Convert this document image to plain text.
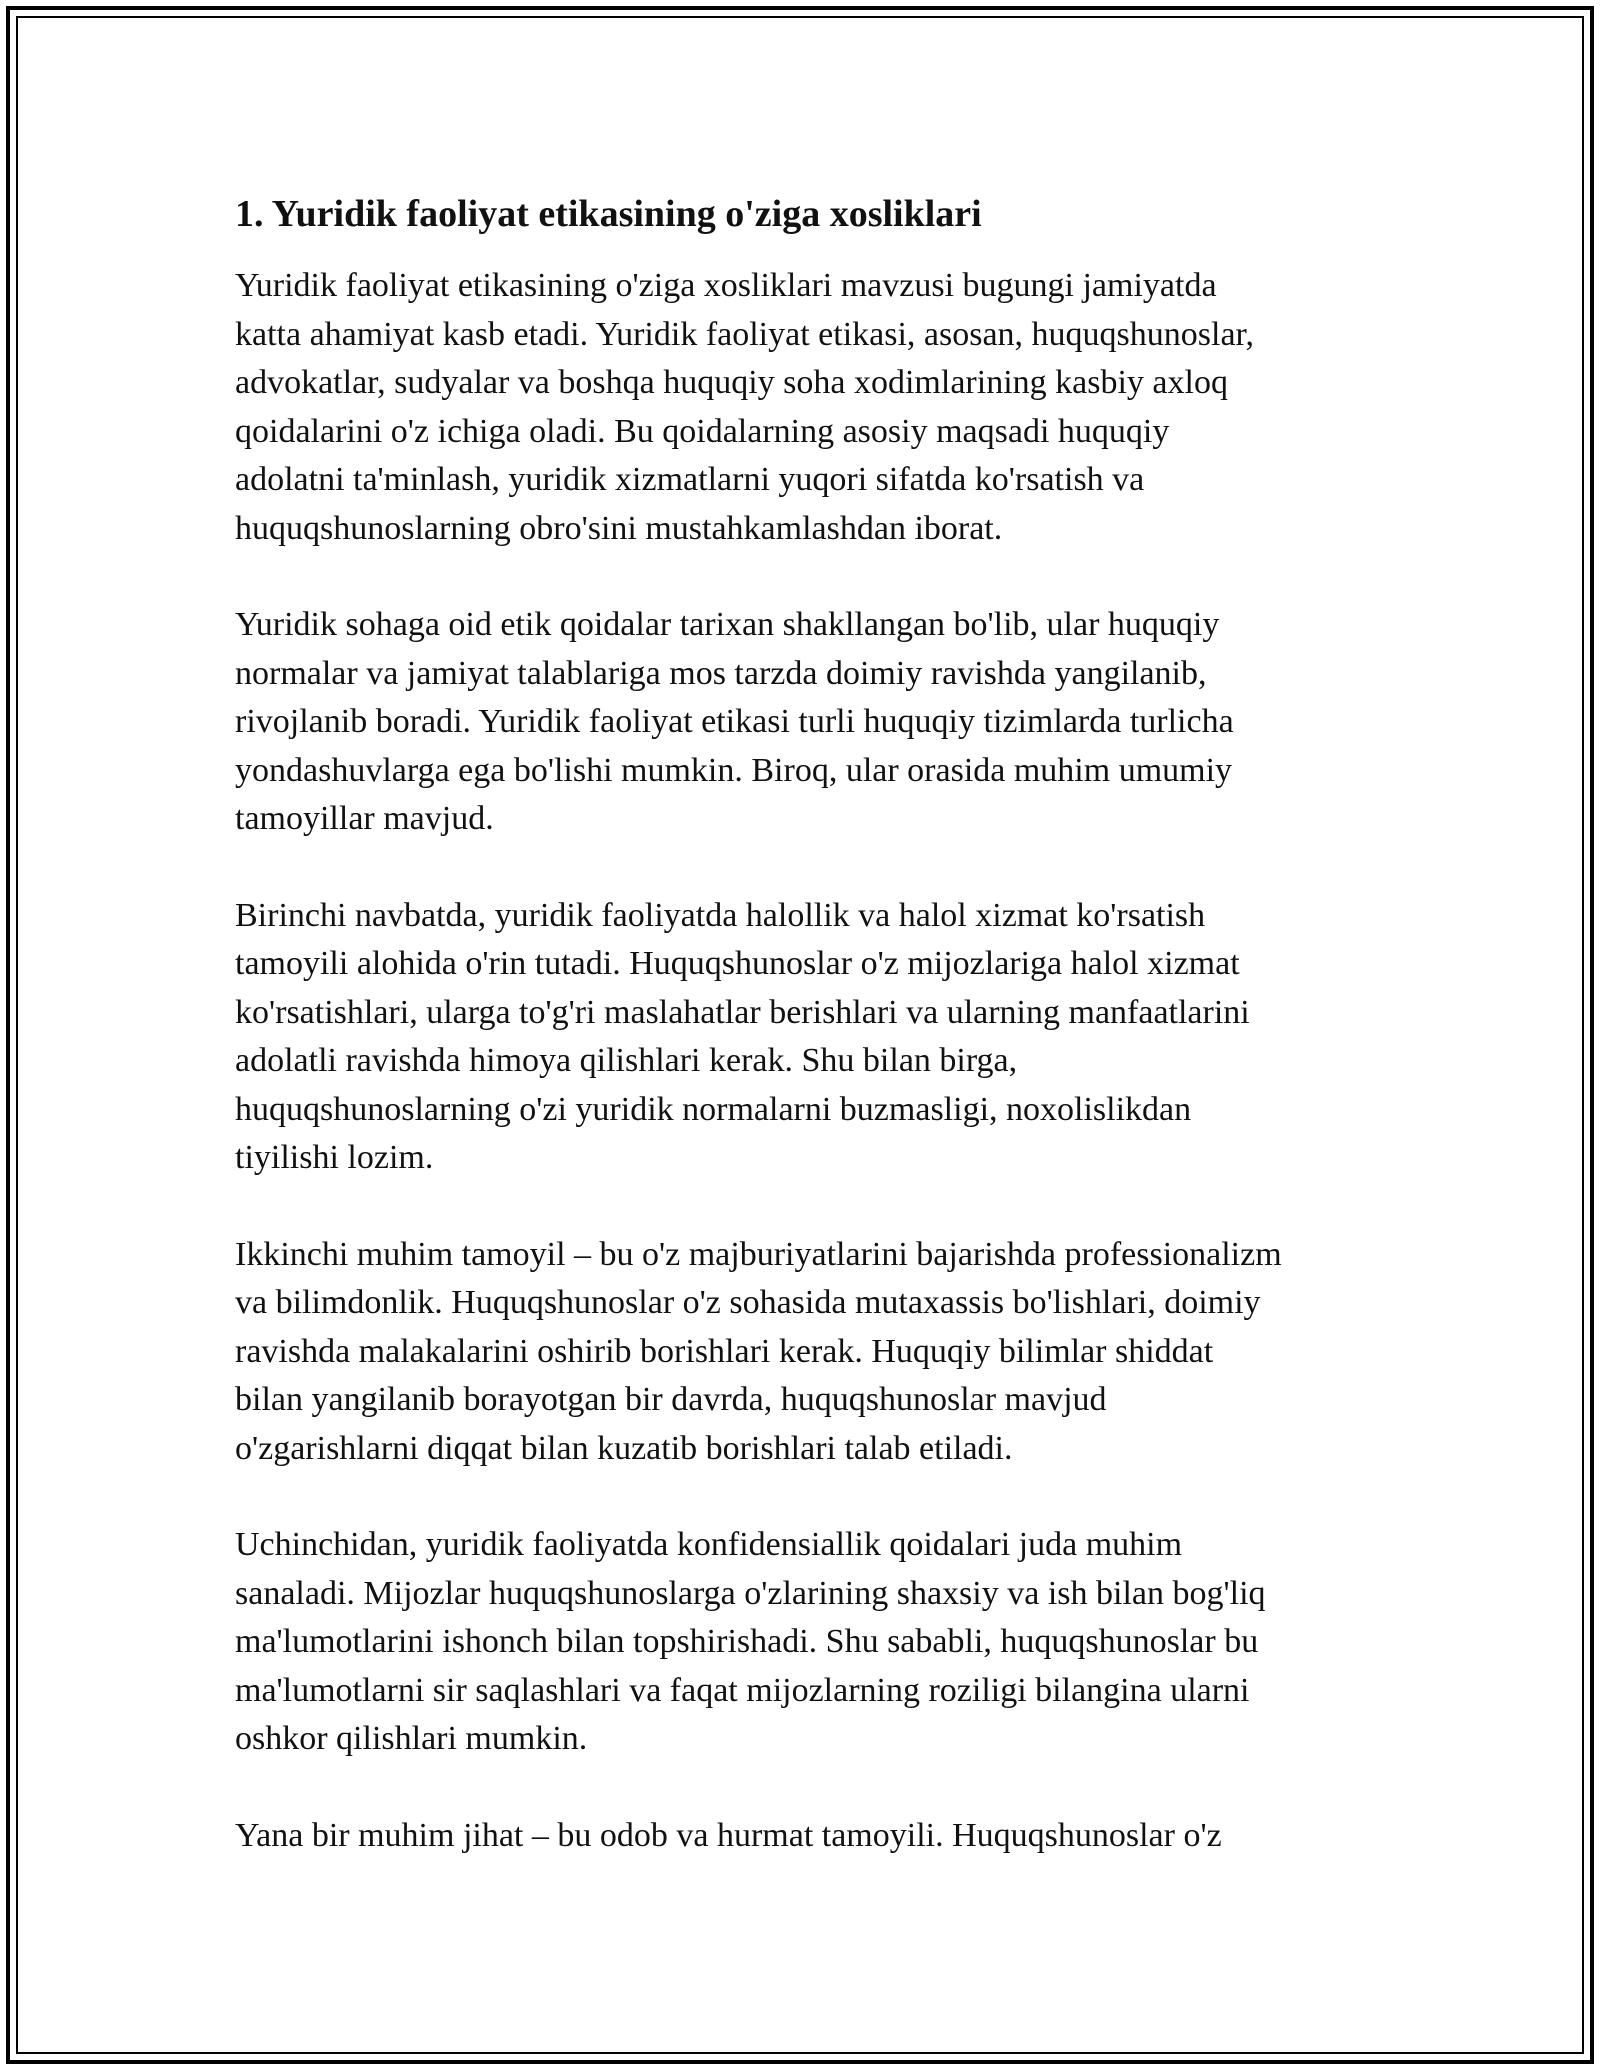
1. Yuridik faoliyat etikasining o'ziga xosliklari
Yuridik faoliyat etikasining o'ziga xosliklari mavzusi bugungi jamiyatda
katta ahamiyat kasb etadi. Yuridik faoliyat etikasi, asosan, huquqshunoslar,
advokatlar, sudyalar va boshqa huquqiy soha xodimlarining kasbiy axloq
qoidalarini o'z ichiga oladi. Bu qoidalarning asosiy maqsadi huquqiy
adolatni ta'minlash, yuridik xizmatlarni yuqori sifatda ko'rsatish va
huquqshunoslarning obro'sini mustahkamlashdan iborat.
Yuridik sohaga oid etik qoidalar tarixan shakllangan bo'lib, ular huquqiy
normalar va jamiyat talablariga mos tarzda doimiy ravishda yangilanib,
rivojlanib boradi. Yuridik faoliyat etikasi turli huquqiy tizimlarda turlicha
yondashuvlarga ega bo'lishi mumkin. Biroq, ular orasida muhim umumiy
tamoyillar mavjud.
Birinchi navbatda, yuridik faoliyatda halollik va halol xizmat ko'rsatish
tamoyili alohida o'rin tutadi. Huquqshunoslar o'z mijozlariga halol xizmat
ko'rsatishlari, ularga to'g'ri maslahatlar berishlari va ularning manfaatlarini
adolatli ravishda himoya qilishlari kerak. Shu bilan birga,
huquqshunoslarning o'zi yuridik normalarni buzmasligi, noxolislikdan
tiyilishi lozim.
Ikkinchi muhim tamoyil – bu o'z majburiyatlarini bajarishda professionalizm
va bilimdonlik. Huquqshunoslar o'z sohasida mutaxassis bo'lishlari, doimiy
ravishda malakalarini oshirib borishlari kerak. Huquqiy bilimlar shiddat
bilan yangilanib borayotgan bir davrda, huquqshunoslar mavjud
o'zgarishlarni diqqat bilan kuzatib borishlari talab etiladi.
Uchinchidan, yuridik faoliyatda konfidensiallik qoidalari juda muhim
sanaladi. Mijozlar huquqshunoslarga o'zlarining shaxsiy va ish bilan bog'liq
ma'lumotlarini ishonch bilan topshirishadi. Shu sababli, huquqshunoslar bu
ma'lumotlarni sir saqlashlari va faqat mijozlarning roziligi bilangina ularni
oshkor qilishlari mumkin.
Yana bir muhim jihat – bu odob va hurmat tamoyili. Huquqshunoslar o'z
